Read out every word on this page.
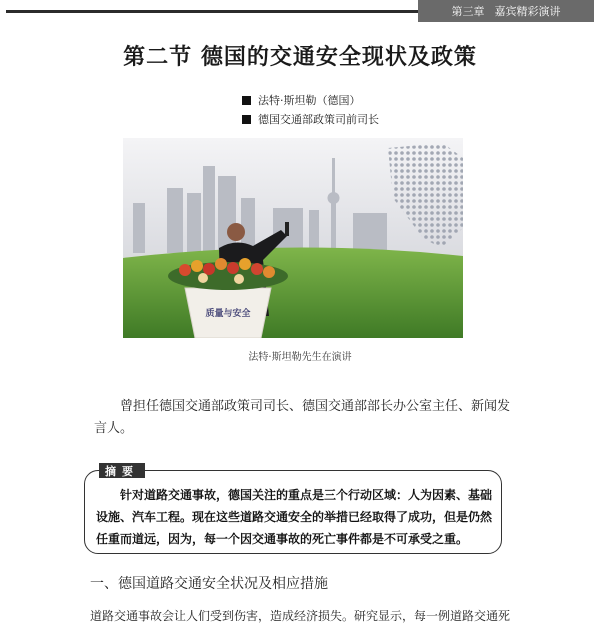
第三章 嘉宾精彩演讲
第二节 德国的交通安全现状及政策
法特·斯坦勒（德国）
德国交通部政策司前司长
质量与安全
法特·斯坦勒先生在演讲

曾担任德国交通部政策司司长、德国交通部部长办公室主任、新闻发言人。

摘要

针对道路交通事故，德国关注的重点是三个行动区域：人为因素、基础设施、汽车工程。现在这些道路交通安全的举措已经取得了成功，但是仍然任重而道远，因为，每一个因交通事故的死亡事件都是不可承受之重。

一、德国道路交通安全状况及相应措施
道路交通事故会让人们受到伤害，造成经济损失。研究显示，每一例道路交通死
